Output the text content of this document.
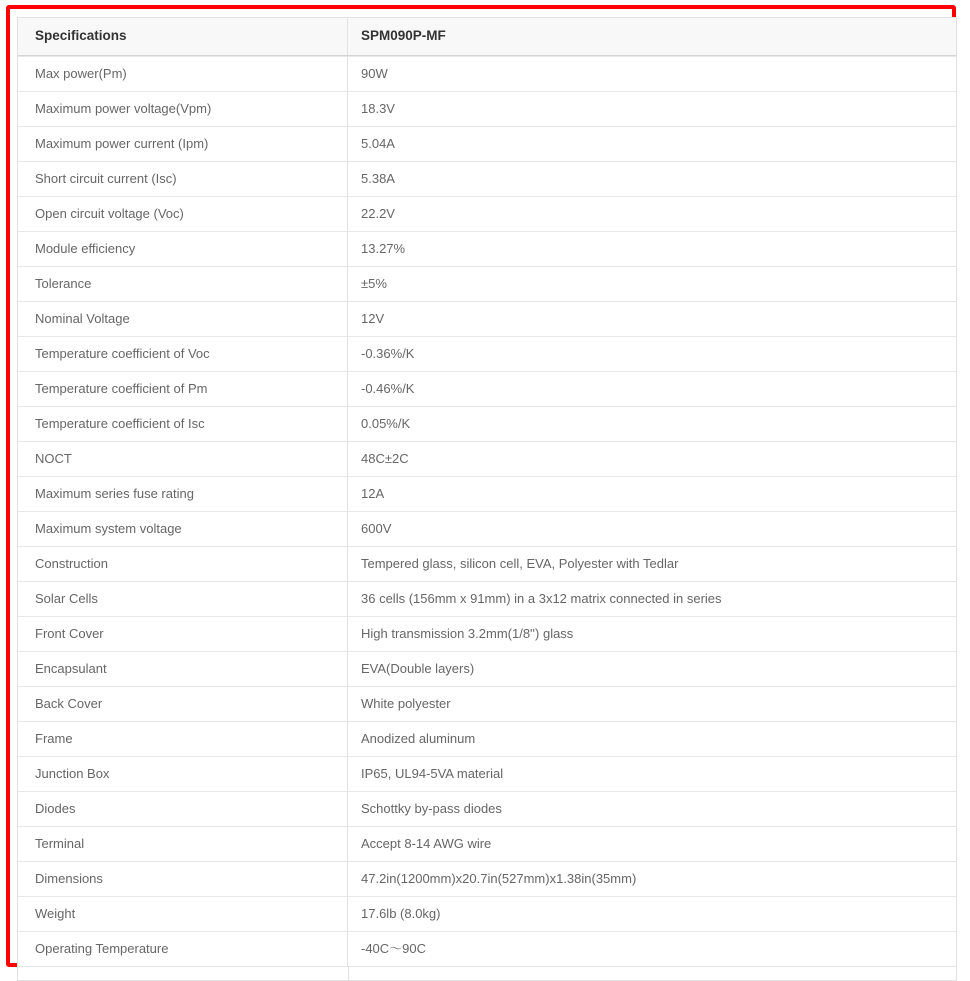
Specifications	SPM090P-MF
Max power(Pm)	90W
Maximum power voltage(Vpm)	18.3V
Maximum power current (Ipm)	5.04A
Short circuit current (Isc)	5.38A
Open circuit voltage (Voc)	22.2V
Module efficiency	13.27%
Tolerance	±5%
Nominal Voltage	12V
Temperature coefficient of Voc	-0.36%/K
Temperature coefficient of Pm	-0.46%/K
Temperature coefficient of Isc	0.05%/K
NOCT	48C±2C
Maximum series fuse rating	12A
Maximum system voltage	600V
Construction	Tempered glass, silicon cell, EVA, Polyester with Tedlar
Solar Cells	36 cells (156mm x 91mm) in a 3x12 matrix connected in series
Front Cover	High transmission 3.2mm(1/8'') glass
Encapsulant	EVA(Double layers)
Back Cover	White polyester
Frame	Anodized aluminum
Junction Box	IP65, UL94-5VA material
Diodes	Schottky by-pass diodes
Terminal	Accept 8-14 AWG wire
Dimensions	47.2in(1200mm)x20.7in(527mm)x1.38in(35mm)
Weight	17.6lb (8.0kg)
Operating Temperature	-40C～90C
